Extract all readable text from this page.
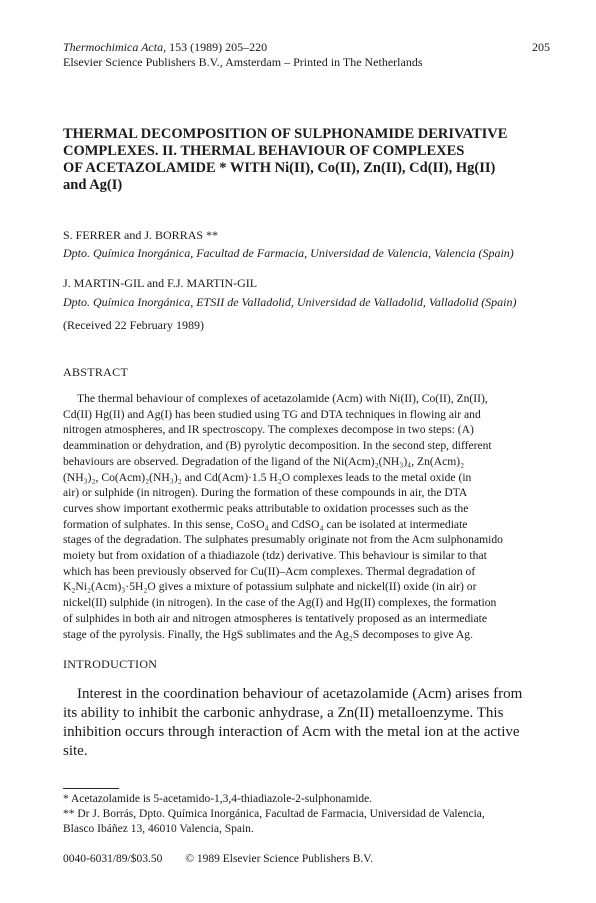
Thermochimica Acta, 153 (1989) 205–220
Elsevier Science Publishers B.V., Amsterdam – Printed in The Netherlands
205
THERMAL DECOMPOSITION OF SULPHONAMIDE DERIVATIVE
COMPLEXES. II. THERMAL BEHAVIOUR OF COMPLEXES
OF ACETAZOLAMIDE * WITH Ni(II), Co(II), Zn(II), Cd(II), Hg(II)
and Ag(I)
S. FERRER and J. BORRAS **
Dpto. Química Inorgánica, Facultad de Farmacia, Universidad de Valencia, Valencia (Spain)
J. MARTIN-GIL and F.J. MARTIN-GIL
Dpto. Química Inorgánica, ETSII de Valladolid, Universidad de Valladolid, Valladolid (Spain)
(Received 22 February 1989)
ABSTRACT
The thermal behaviour of complexes of acetazolamide (Acm) with Ni(II), Co(II), Zn(II),
Cd(II) Hg(II) and Ag(I) has been studied using TG and DTA techniques in flowing air and
nitrogen atmospheres, and IR spectroscopy. The complexes decompose in two steps: (A)
deammination or dehydration, and (B) pyrolytic decomposition. In the second step, different
behaviours are observed. Degradation of the ligand of the Ni(Acm)₂(NH₃)₄, Zn(Acm)₂
(NH₃)₂, Co(Acm)₂(NH₃)₂ and Cd(Acm)·1.5 H₂O complexes leads to the metal oxide (in
air) or sulphide (in nitrogen). During the formation of these compounds in air, the DTA
curves show important exothermic peaks attributable to oxidation processes such as the
formation of sulphates. In this sense, CoSO₄ and CdSO₄ can be isolated at intermediate
stages of the degradation. The sulphates presumably originate not from the Acm sulphonamido
moiety but from oxidation of a thiadiazole (tdz) derivative. This behaviour is similar to that
which has been previously observed for Cu(II)–Acm complexes. Thermal degradation of
K₂Ni₂(Acm)₃·5H₂O gives a mixture of potassium sulphate and nickel(II) oxide (in air) or
nickel(II) sulphide (in nitrogen). In the case of the Ag(I) and Hg(II) complexes, the formation
of sulphides in both air and nitrogen atmospheres is tentatively proposed as an intermediate
stage of the pyrolysis. Finally, the HgS sublimates and the Ag₂S decomposes to give Ag.
INTRODUCTION
Interest in the coordination behaviour of acetazolamide (Acm) arises from
its ability to inhibit the carbonic anhydrase, a Zn(II) metalloenzyme. This
inhibition occurs through interaction of Acm with the metal ion at the active
site.
* Acetazolamide is 5-acetamido-1,3,4-thiadiazole-2-sulphonamide.
** Dr J. Borrás, Dpto. Química Inorgánica, Facultad de Farmacia, Universidad de Valencia,
Blasco Ibáñez 13, 46010 Valencia, Spain.
0040-6031/89/$03.50 © 1989 Elsevier Science Publishers B.V.
